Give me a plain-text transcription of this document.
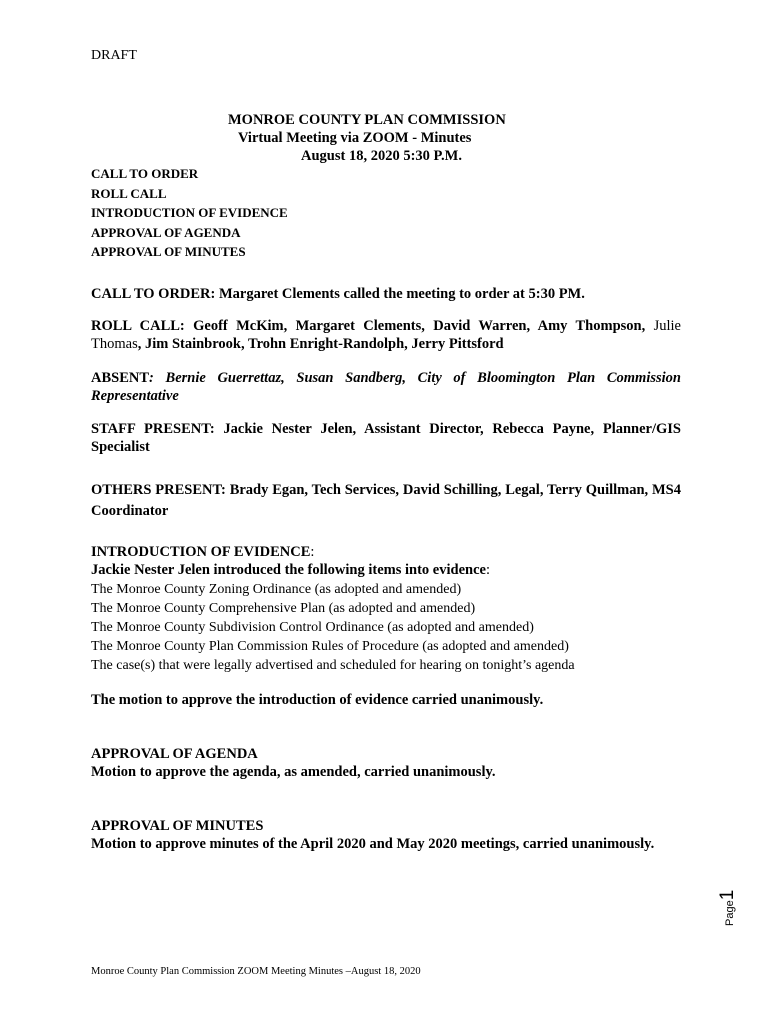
DRAFT
MONROE COUNTY PLAN COMMISSION
Virtual Meeting via ZOOM - Minutes
August 18, 2020 5:30 P.M.
CALL TO ORDER
ROLL CALL
INTRODUCTION OF EVIDENCE
APPROVAL OF AGENDA
APPROVAL OF MINUTES
CALL TO ORDER: Margaret Clements called the meeting to order at 5:30 PM.
ROLL CALL: Geoff McKim, Margaret Clements, David Warren, Amy Thompson, Julie Thomas, Jim Stainbrook, Trohn Enright-Randolph, Jerry Pittsford
ABSENT: Bernie Guerrettaz, Susan Sandberg, City of Bloomington Plan Commission Representative
STAFF PRESENT: Jackie Nester Jelen, Assistant Director, Rebecca Payne, Planner/GIS Specialist
OTHERS PRESENT: Brady Egan, Tech Services, David Schilling, Legal, Terry Quillman, MS4 Coordinator
INTRODUCTION OF EVIDENCE:
Jackie Nester Jelen introduced the following items into evidence:
The Monroe County Zoning Ordinance (as adopted and amended)
The Monroe County Comprehensive Plan (as adopted and amended)
The Monroe County Subdivision Control Ordinance (as adopted and amended)
The Monroe County Plan Commission Rules of Procedure (as adopted and amended)
The case(s) that were legally advertised and scheduled for hearing on tonight’s agenda
The motion to approve the introduction of evidence carried unanimously.
APPROVAL OF AGENDA
Motion to approve the agenda, as amended, carried unanimously.
APPROVAL OF MINUTES
Motion to approve minutes of the April 2020 and May 2020 meetings, carried unanimously.
Page1
Monroe County Plan Commission ZOOM Meeting Minutes –August 18, 2020
